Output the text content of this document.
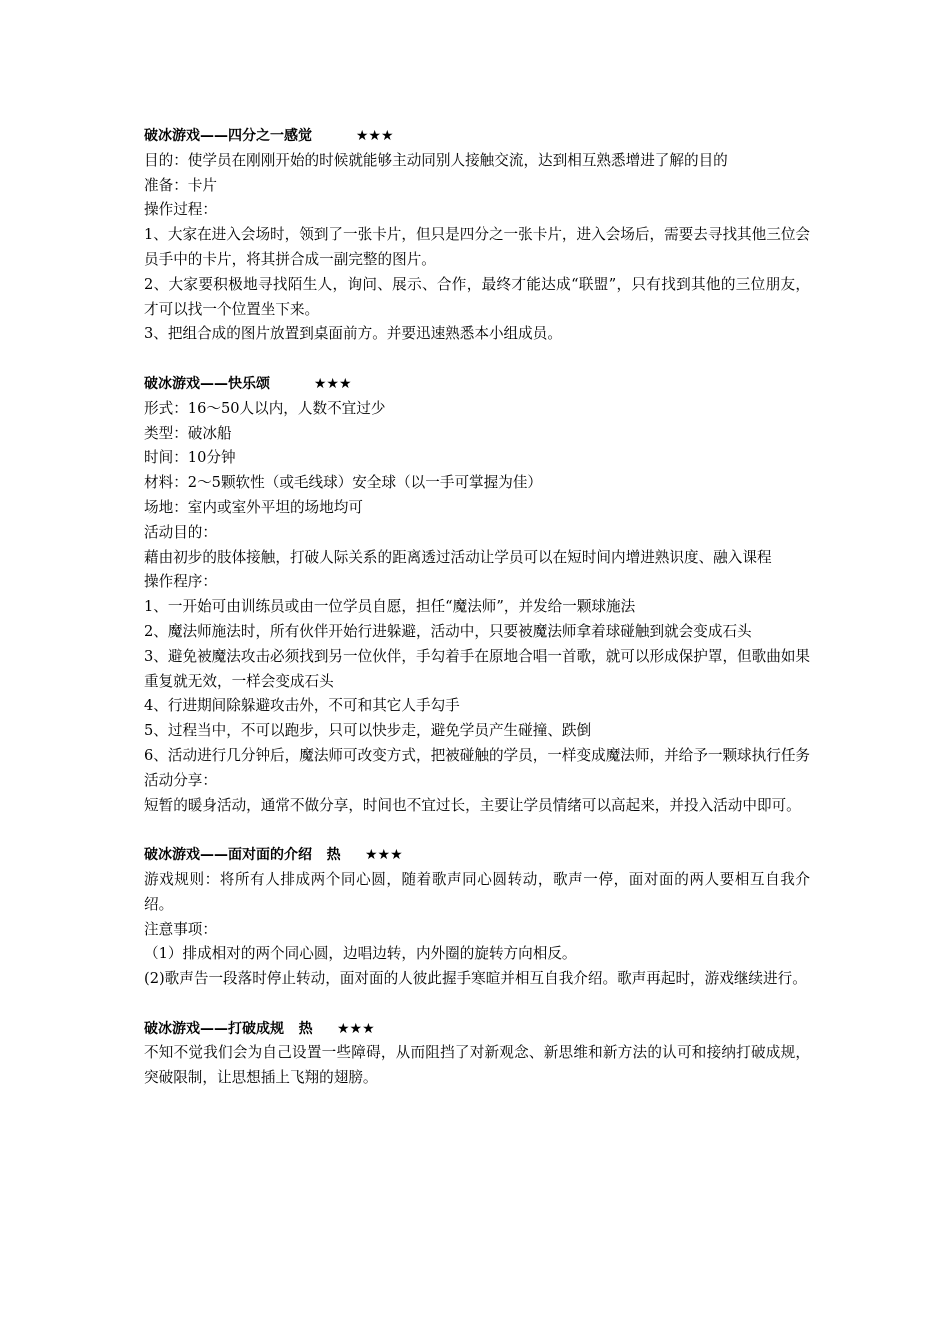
破冰游戏——四分之一感觉	★★★

目的：使学员在刚刚开始的时候就能够主动同别人接触交流，达到相互熟悉增进了解的目的

准备：卡片

操作过程：

1、大家在进入会场时，领到了一张卡片，但只是四分之一张卡片，进入会场后，需要去寻找其他三位会员手中的卡片，将其拼合成一副完整的图片。

2、大家要积极地寻找陌生人，询问、展示、合作，最终才能达成“联盟”，只有找到其他的三位朋友，才可以找一个位置坐下来。

3、把组合成的图片放置到桌面前方。并要迅速熟悉本小组成员。

破冰游戏——快乐颂	★★★

形式：16～50人以内，人数不宜过少

类型：破冰船

时间：10分钟

材料：2～5颗软性（或毛线球）安全球（以一手可掌握为佳）

场地：室内或室外平坦的场地均可

活动目的：

藉由初步的肢体接触，打破人际关系的距离透过活动让学员可以在短时间内增进熟识度、融入课程

操作程序：

1、一开始可由训练员或由一位学员自愿，担任“魔法师”，并发给一颗球施法

2、魔法师施法时，所有伙伴开始行进躲避，活动中，只要被魔法师拿着球碰触到就会变成石头

3、避免被魔法攻击必须找到另一位伙伴，手勾着手在原地合唱一首歌，就可以形成保护罩，但歌曲如果重复就无效，一样会变成石头

4、行进期间除躲避攻击外，不可和其它人手勾手

5、过程当中，不可以跑步，只可以快步走，避免学员产生碰撞、跌倒

6、活动进行几分钟后，魔法师可改变方式，把被碰触的学员，一样变成魔法师，并给予一颗球执行任务

活动分享：

短暂的暖身活动，通常不做分享，时间也不宜过长，主要让学员情绪可以高起来，并投入活动中即可。

破冰游戏——面对面的介绍   热 ★★★

游戏规则：将所有人排成两个同心圆，随着歌声同心圆转动，歌声一停，面对面的两人要相互自我介绍。

注意事项：

（1）排成相对的两个同心圆，边唱边转，内外圈的旋转方向相反。

(2)歌声告一段落时停止转动，面对面的人彼此握手寒暄并相互自我介绍。歌声再起时，游戏继续进行。

破冰游戏——打破成规   热 ★★★

不知不觉我们会为自己设置一些障碍，从而阻挡了对新观念、新思维和新方法的认可和接纳打破成规，突破限制，让思想插上飞翔的翅膀。
